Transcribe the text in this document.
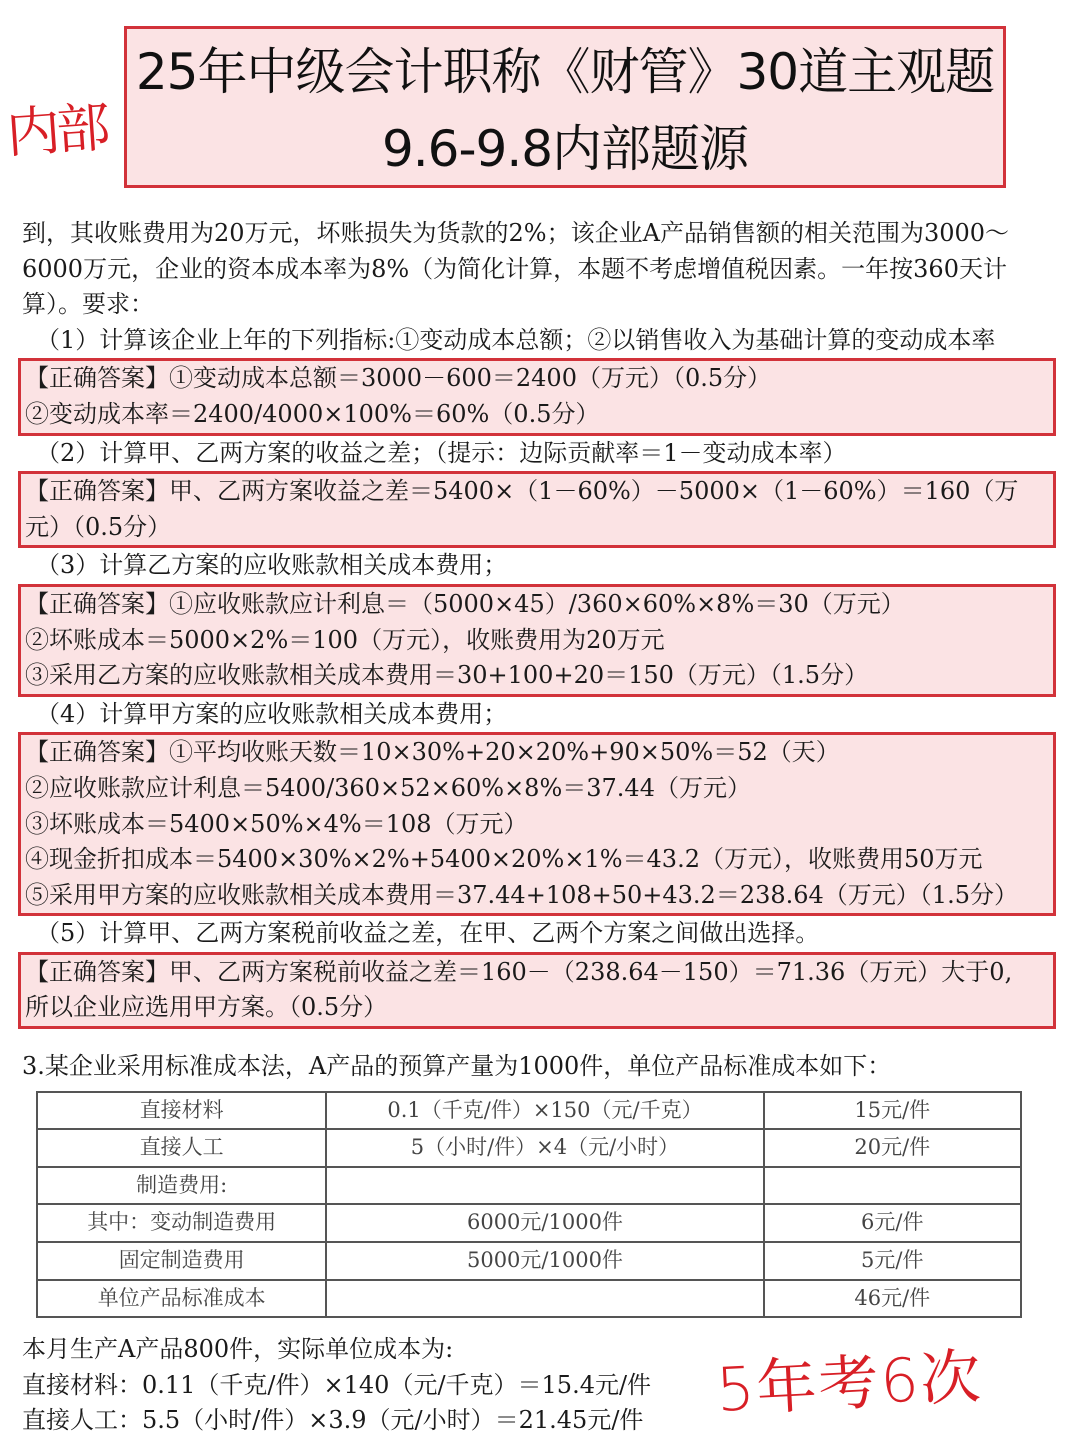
内部
25年中级会计职称《财管》30道主观题
9.6-9.8内部题源
到，其收账费用为20万元，坏账损失为货款的2%；该企业A产品销售额的相关范围为3000～
6000万元，企业的资本成本率为8%（为简化计算，本题不考虑增值税因素。一年按360天计
算）。要求：
（1）计算该企业上年的下列指标:①变动成本总额；②以销售收入为基础计算的变动成本率
【正确答案】①变动成本总额＝3000－600＝2400（万元）（0.5分）
②变动成本率＝2400/4000×100%＝60%（0.5分）
（2）计算甲、乙两方案的收益之差；（提示：边际贡献率＝1－变动成本率）
【正确答案】甲、乙两方案收益之差＝5400×（1－60%）－5000×（1－60%）＝160（万
元）（0.5分）
（3）计算乙方案的应收账款相关成本费用；
【正确答案】①应收账款应计利息＝（5000×45）/360×60%×8%＝30（万元）
②坏账成本＝5000×2%＝100（万元），收账费用为20万元
③采用乙方案的应收账款相关成本费用＝30+100+20＝150（万元）（1.5分）
（4）计算甲方案的应收账款相关成本费用；
【正确答案】①平均收账天数＝10×30%+20×20%+90×50%＝52（天）
②应收账款应计利息＝5400/360×52×60%×8%＝37.44（万元）
③坏账成本＝5400×50%×4%＝108（万元）
④现金折扣成本＝5400×30%×2%+5400×20%×1%＝43.2（万元），收账费用50万元
⑤采用甲方案的应收账款相关成本费用＝37.44+108+50+43.2＝238.64（万元）（1.5分）
（5）计算甲、乙两方案税前收益之差，在甲、乙两个方案之间做出选择。
【正确答案】甲、乙两方案税前收益之差＝160－（238.64－150）＝71.36（万元）大于0,
所以企业应选用甲方案。（0.5分）
3.某企业采用标准成本法，A产品的预算产量为1000件，单位产品标准成本如下：
直接材料	0.1（千克/件）×150（元/千克）	15元/件
直接人工	5（小时/件）×4（元/小时）	20元/件
制造费用:		
其中：变动制造费用	6000元/1000件	6元/件
固定制造费用	5000元/1000件	5元/件
单位产品标准成本		46元/件
本月生产A产品800件，实际单位成本为:
直接材料：0.11（千克/件）×140（元/千克）＝15.4元/件
直接人工：5.5（小时/件）×3.9（元/小时）＝21.45元/件	5年考6次
